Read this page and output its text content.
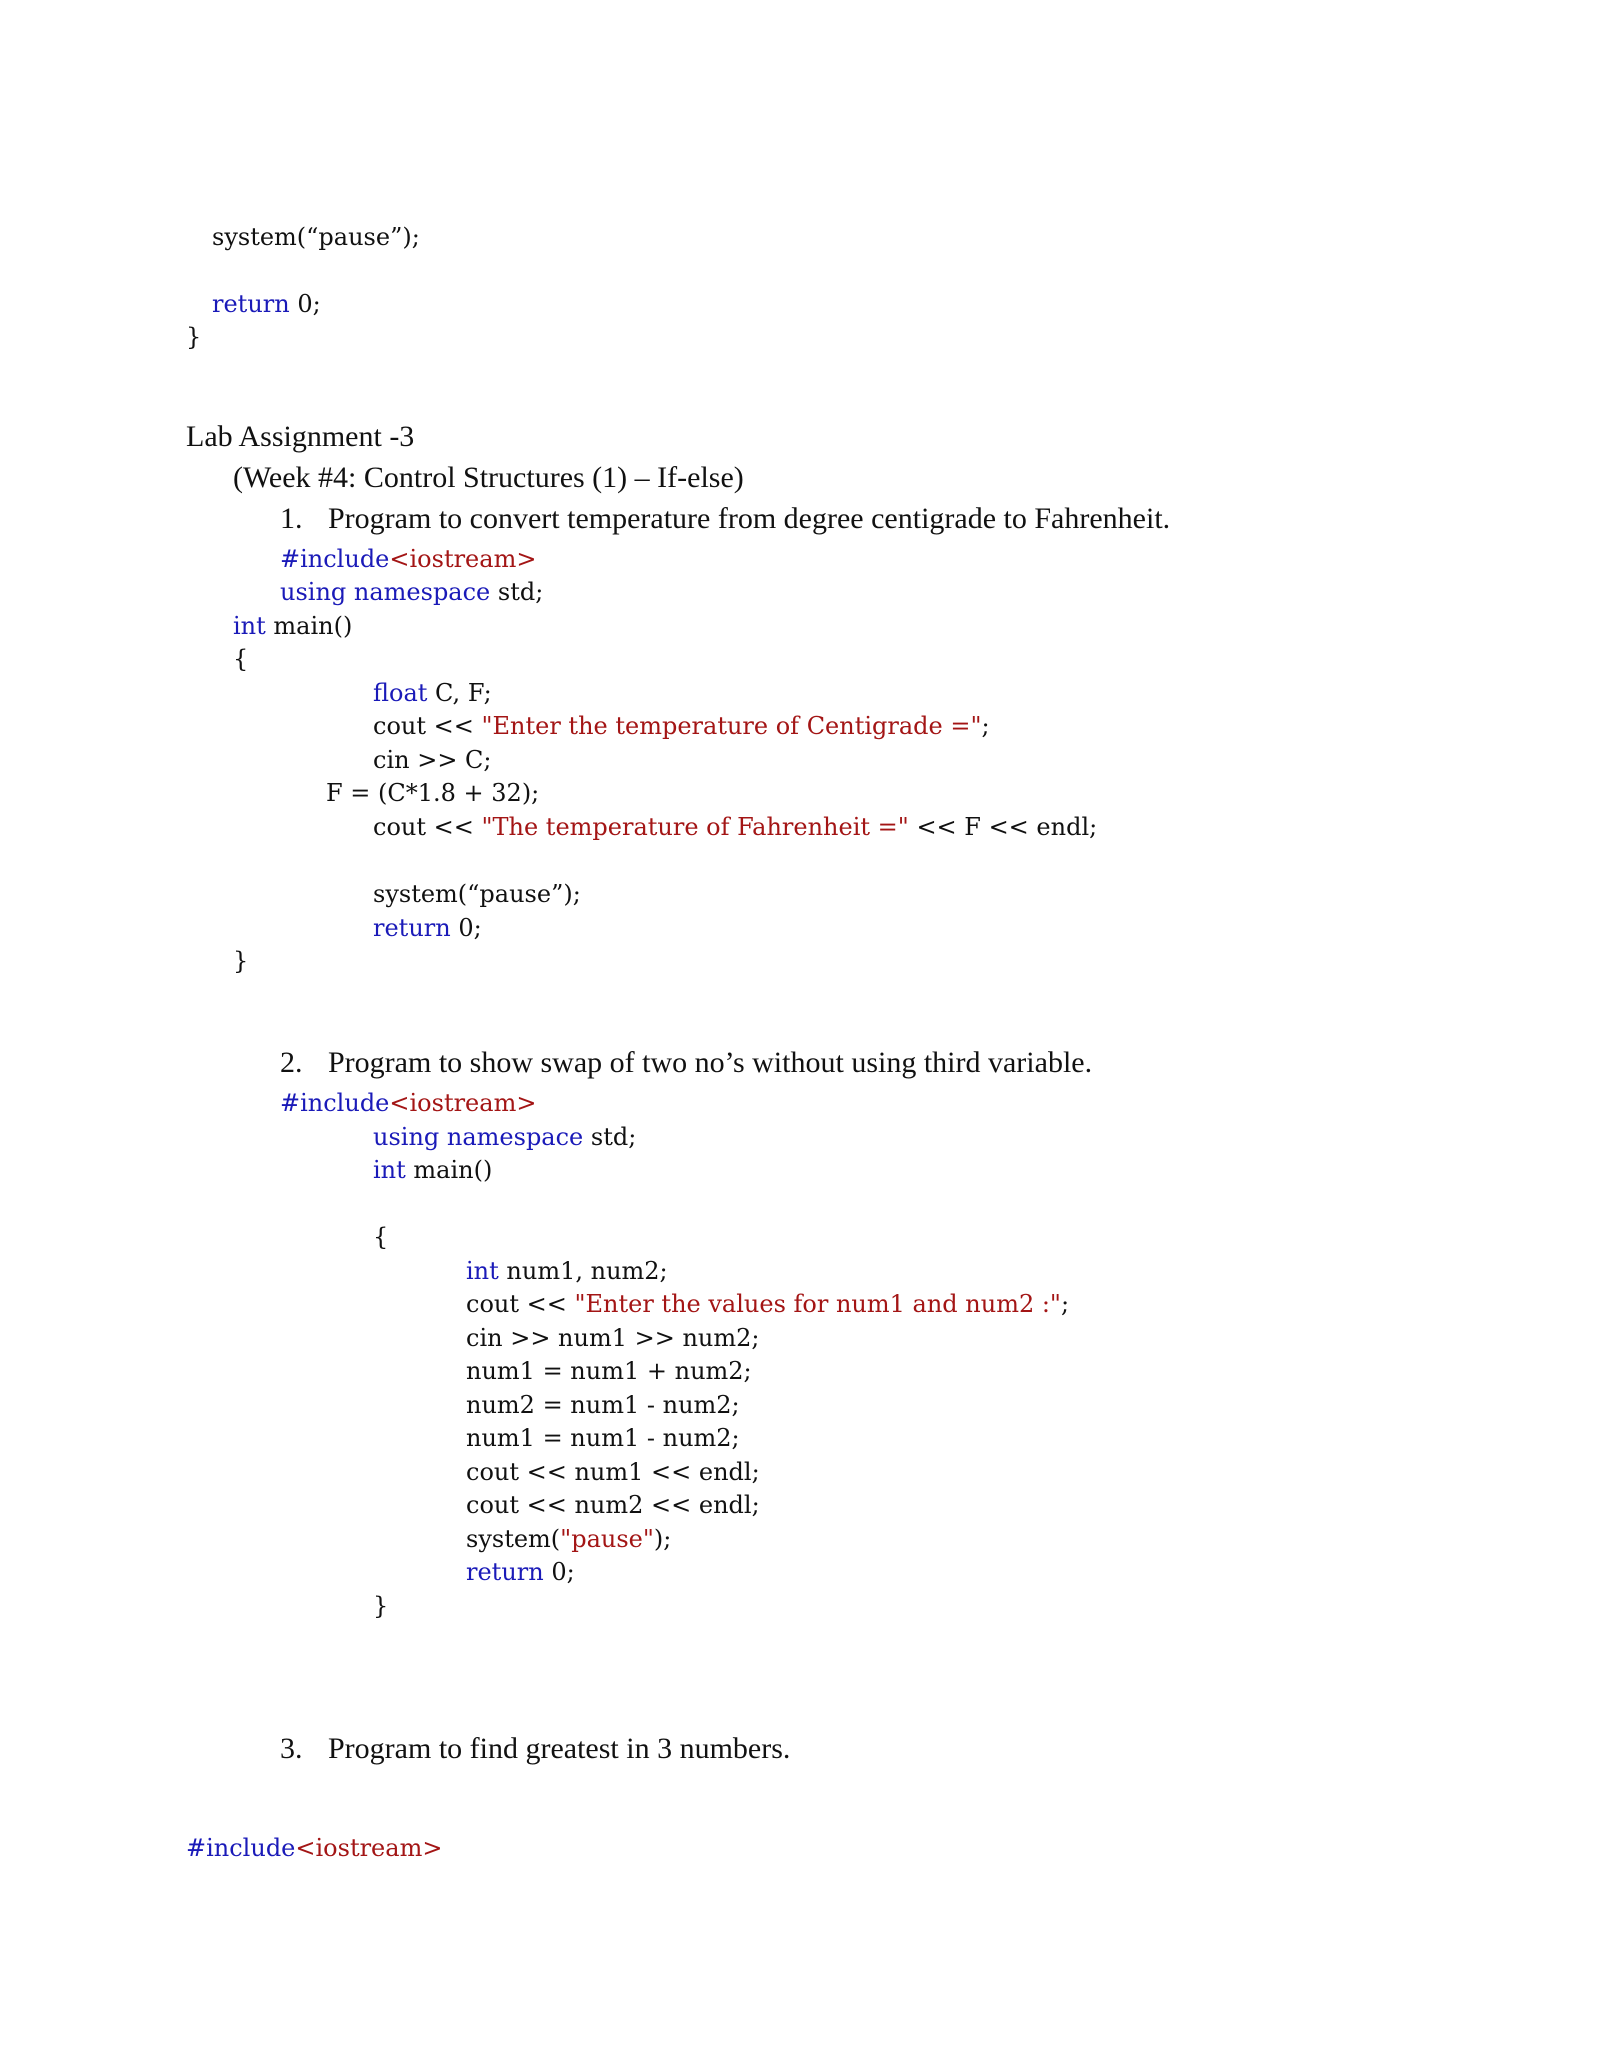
system(“pause”);
return 0;
}
Lab Assignment -3
(Week #4: Control Structures (1) – If-else)
1. Program to convert temperature from degree centigrade to Fahrenheit.
#include<iostream>
using namespace std;
int main()
{
float C, F;
cout << "Enter the temperature of Centigrade =";
cin >> C;
F = (C*1.8 + 32);
cout << "The temperature of Fahrenheit =" << F << endl;
system(“pause”);
return 0;
}
2. Program to show swap of two no’s without using third variable.
#include<iostream>
using namespace std;
int main()
{
int num1, num2;
cout << "Enter the values for num1 and num2 :";
cin >> num1 >> num2;
num1 = num1 + num2;
num2 = num1 - num2;
num1 = num1 - num2;
cout << num1 << endl;
cout << num2 << endl;
system("pause");
return 0;
}
3. Program to find greatest in 3 numbers.
#include<iostream>
